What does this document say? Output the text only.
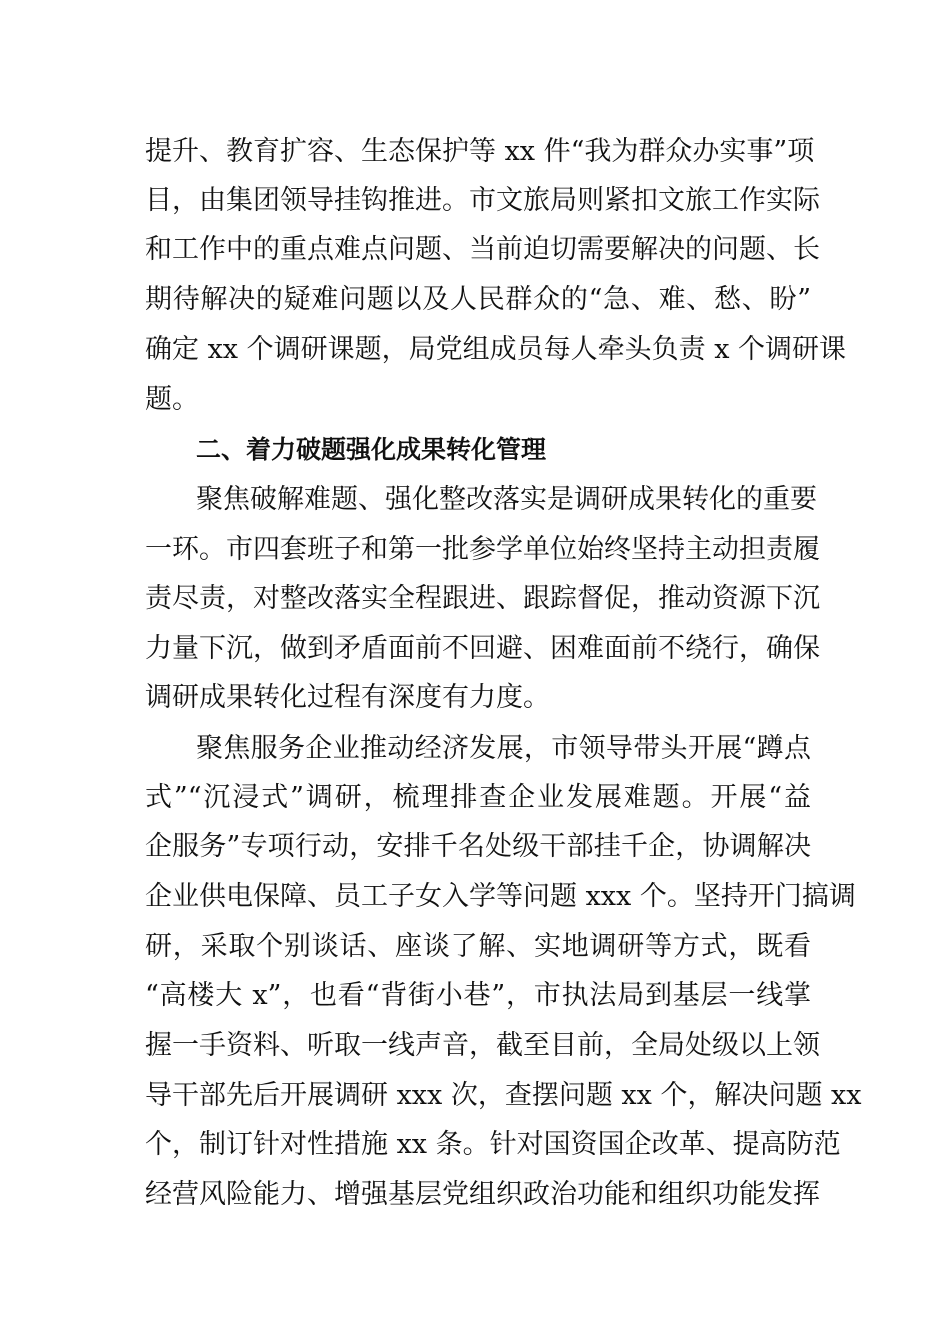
提升、教育扩容、生态保护等 xx 件“我为群众办实事”项
目，由集团领导挂钩推进。市文旅局则紧扣文旅工作实际
和工作中的重点难点问题、当前迫切需要解决的问题、长
期待解决的疑难问题以及人民群众的“急、难、愁、盼”
确定 xx 个调研课题，局党组成员每人牵头负责 x 个调研课
题。
二、着力破题强化成果转化管理
聚焦破解难题、强化整改落实是调研成果转化的重要
一环。市四套班子和第一批参学单位始终坚持主动担责履
责尽责，对整改落实全程跟进、跟踪督促，推动资源下沉
力量下沉，做到矛盾面前不回避、困难面前不绕行，确保
调研成果转化过程有深度有力度。
聚焦服务企业推动经济发展，市领导带头开展“蹲点
式”“沉浸式”调研，梳理排查企业发展难题。开展“益
企服务”专项行动，安排千名处级干部挂千企，协调解决
企业供电保障、员工子女入学等问题 xxx 个。坚持开门搞调
研，采取个别谈话、座谈了解、实地调研等方式，既看
“高楼大 x”，也看“背街小巷”，市执法局到基层一线掌
握一手资料、听取一线声音，截至目前，全局处级以上领
导干部先后开展调研 xxx 次，查摆问题 xx 个，解决问题 xx
个，制订针对性措施 xx 条。针对国资国企改革、提高防范
经营风险能力、增强基层党组织政治功能和组织功能发挥
